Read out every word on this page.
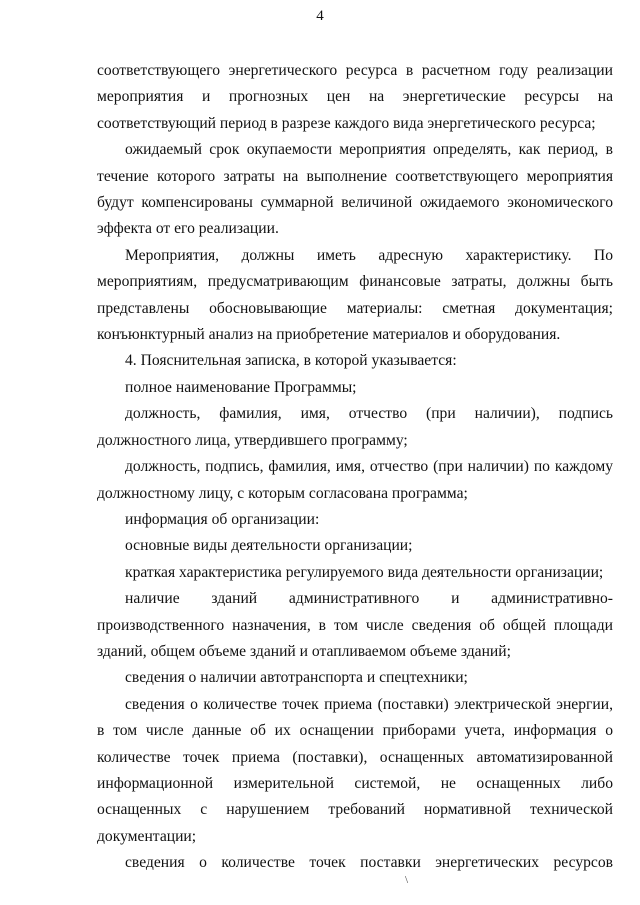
4

соответствующего энергетического ресурса в расчетном году реализации мероприятия и прогнозных цен на энергетические ресурсы на соответствующий период в разрезе каждого вида энергетического ресурса;

ожидаемый срок окупаемости мероприятия определять, как период, в течение которого затраты на выполнение соответствующего мероприятия будут компенсированы суммарной величиной ожидаемого экономического эффекта от его реализации.

Мероприятия, должны иметь адресную характеристику. По мероприятиям, предусматривающим финансовые затраты, должны быть представлены обосновывающие материалы: сметная документация; конъюнктурный анализ на приобретение материалов и оборудования.

4. Пояснительная записка, в которой указывается:

полное наименование Программы;

должность, фамилия, имя, отчество (при наличии), подпись должностного лица, утвердившего программу;

должность, подпись, фамилия, имя, отчество (при наличии) по каждому должностному лицу, с которым согласована программа;

информация об организации:

основные виды деятельности организации;

краткая характеристика регулируемого вида деятельности организации;

наличие зданий административного и административно-производственного назначения, в том числе сведения об общей площади зданий, общем объеме зданий и отапливаемом объеме зданий;

сведения о наличии автотранспорта и спецтехники;

сведения о количестве точек приема (поставки) электрической энергии, в том числе данные об их оснащении приборами учета, информация о количестве точек приема (поставки), оснащенных автоматизированной информационной измерительной системой, не оснащенных либо оснащенных с нарушением требований нормативной технической документации;

сведения о количестве точек поставки энергетических ресурсов

\
